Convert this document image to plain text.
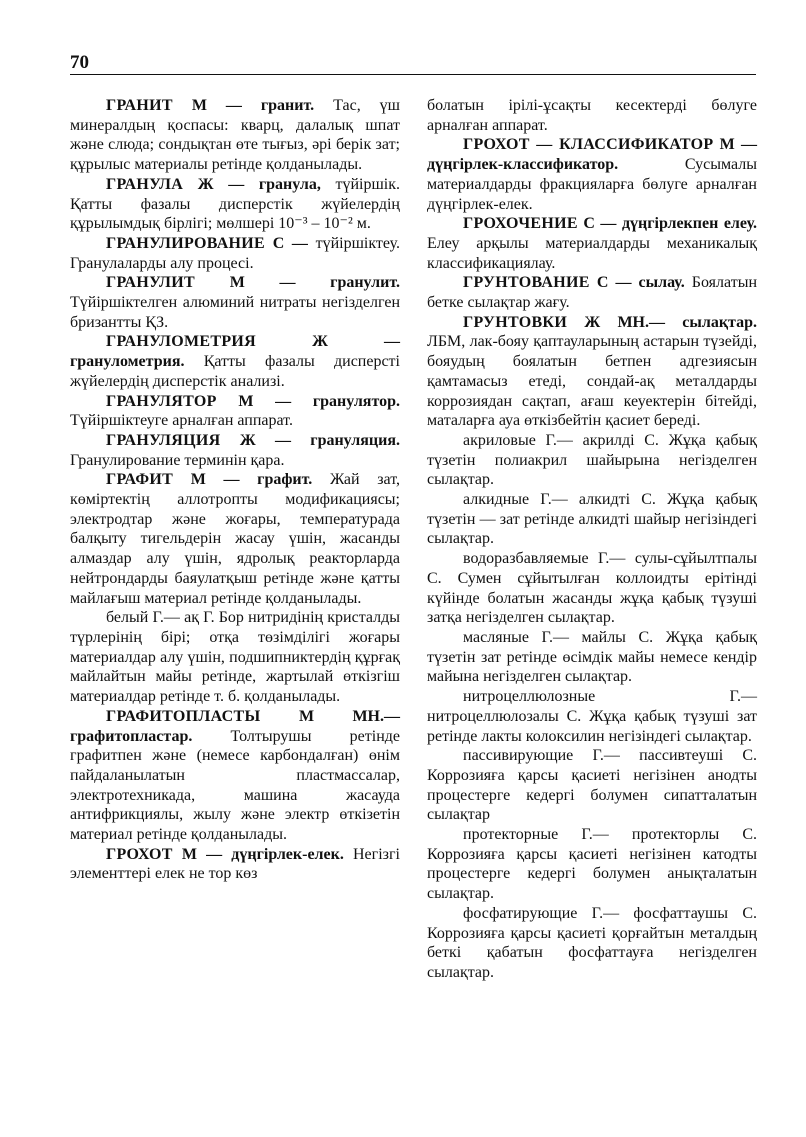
70

ГРАНИТ М — гранит. Тас, үш минералдың қоспасы: кварц, далалық шпат және слюда; сондықтан өте тығыз, әрі берік зат; құрылыс материалы ретінде қолданылады.

ГРАНУЛА Ж — гранула, түйіршік. Қатты фазалы дисперстік жүйелердің құрылымдық бірлігі; мөлшері 10⁻³ – 10⁻² м.

ГРАНУЛИРОВАНИЕ С — түйіршіктеу. Гранулаларды алу процесі.

ГРАНУЛИТ М — гранулит. Түйіршіктелген алюминий нитраты негізделген бризантты ҚЗ.

ГРАНУЛОМЕТРИЯ	Ж — гранулометрия. Қатты фазалы дисперсті жүйелердің дисперстік анализі.

ГРАНУЛЯТОР М — гранулятор. Түйіршіктеуге арналған аппарат.

ГРАНУЛЯЦИЯ Ж — грануляция. Гранулирование терминін қара.

ГРАФИТ М — графит. Жай зат, көміртектің аллотропты модификациясы; электродтар және жоғары, температурада балқыту тигельдерін жасау үшін, жасанды алмаздар алу үшін, ядролық реакторларда нейтрондарды баяулатқыш ретінде және қатты майлағыш материал ретінде қолданылады.

белый Г.— ақ Г. Бор нитридінің кристалды түрлерінің бірі; отқа төзімділігі жоғары материалдар алу үшін, подшипниктердің құрғақ майлайтын майы ретінде, жартылай өткізгіш материалдар ретінде т. б. қолданылады.

ГРАФИТОПЛАСТЫ М МН.— графитопластар. Толтырушы ретінде графитпен және (немесе карбондалған) өнім пайдаланылатын пластмассалар, электротехникада, машина жасауда антифрикциялы, жылу және электр өткізетін материал ретінде қолданылады.

ГРОХОТ М — дүңгірлек-елек. Негізгі элементтері елек не тор көз

болатын ірілі-ұсақты кесектерді бөлуге арналған аппарат.

ГРОХОТ — КЛАССИФИКАТОР М — дүңгірлек-классификатор. Сусымалы материалдарды фракцияларға бөлуге арналған дүңгірлек-елек.

ГРОХОЧЕНИЕ С — дүңгірлекпен елеу. Елеу арқылы материалдарды механикалық классификациялау.

ГРУНТОВАНИЕ С — сылау. Боялатын бетке сылақтар жағу.

ГРУНТОВКИ Ж МН.— сылақтар. ЛБМ, лак-бояу қаптауларының астарын түзейді, бояудың боялатын бетпен адгезиясын қамтамасыз етеді, сондай-ақ металдарды коррозиядан сақтап, ағаш кеуектерін бітейді, маталарға ауа өткізбейтін қасиет береді.

акриловые Г.— акрилді С. Жұқа қабық түзетін полиакрил шайырына негізделген сылақтар.

алкидные Г.— алкидті С. Жұқа қабық түзетін — зат ретінде алкидті шайыр негізіндегі сылақтар.

водоразбавляемые Г.— сулы-сұйылтпалы С. Сумен сұйытылған коллоидты ерітінді күйінде болатын жасанды жұқа қабық түзуші затқа негізделген сылақтар.

масляные Г.— майлы С. Жұқа қабық түзетін зат ретінде өсімдік майы немесе кендір майына негізделген сылақтар.

нитроцеллюлозные Г.— нитроцеллюлозалы С. Жұқа қабық түзуші зат ретінде лакты колоксилин негізіндегі сылақтар.

пассивирующие Г.— пассивтеуші С. Коррозияға қарсы қасиеті негізінен анодты процестерге кедергі болумен сипатталатын сылақтар

протекторные Г.— протекторлы С. Коррозияға қарсы қасиеті негізінен катодты процестерге кедергі болумен анықталатын сылақтар.

фосфатирующие Г.— фосфаттаушы С. Коррозияға қарсы қасиеті қорғайтын металдың беткі қабатын фосфаттауға негізделген сылақтар.
